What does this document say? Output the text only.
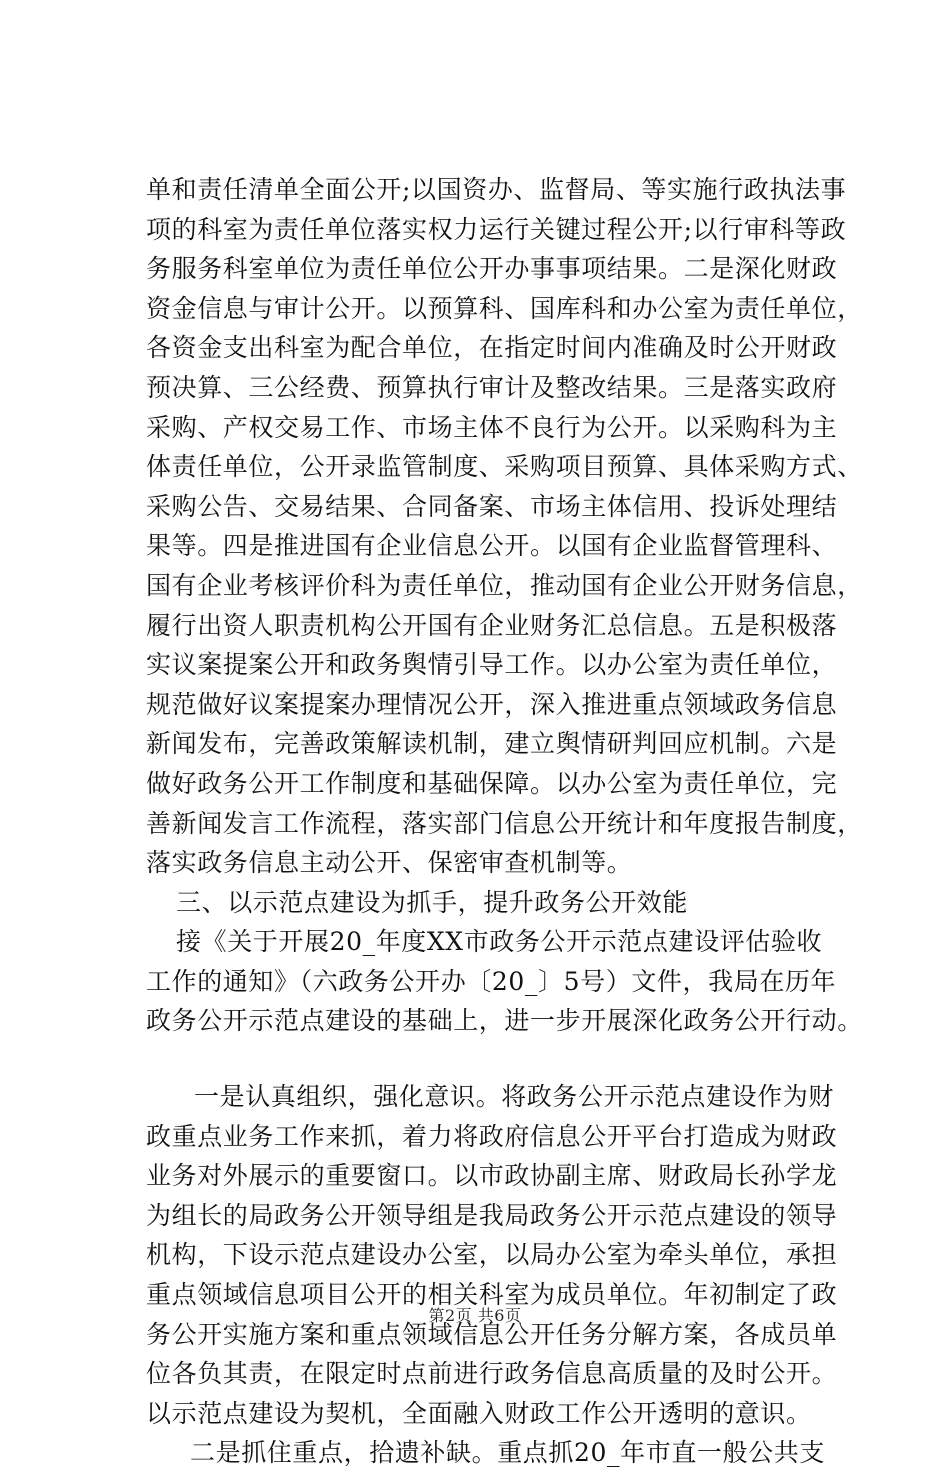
单和责任清单全面公开;以国资办、监督局、等实施行政执法事
项的科室为责任单位落实权力运行关键过程公开;以行审科等政
务服务科室单位为责任单位公开办事事项结果。二是深化财政
资金信息与审计公开。以预算科、国库科和办公室为责任单位，
各资金支出科室为配合单位，在指定时间内准确及时公开财政
预决算、三公经费、预算执行审计及整改结果。三是落实政府
采购、产权交易工作、市场主体不良行为公开。以采购科为主
体责任单位，公开录监管制度、采购项目预算、具体采购方式、
采购公告、交易结果、合同备案、市场主体信用、投诉处理结
果等。四是推进国有企业信息公开。以国有企业监督管理科、
国有企业考核评价科为责任单位，推动国有企业公开财务信息，
履行出资人职责机构公开国有企业财务汇总信息。五是积极落
实议案提案公开和政务舆情引导工作。以办公室为责任单位，
规范做好议案提案办理情况公开，深入推进重点领域政务信息
新闻发布，完善政策解读机制，建立舆情研判回应机制。六是
做好政务公开工作制度和基础保障。以办公室为责任单位，完
善新闻发言工作流程，落实部门信息公开统计和年度报告制度，
落实政务信息主动公开、保密审查机制等。
三、以示范点建设为抓手，提升政务公开效能
接《关于开展20_年度XX市政务公开示范点建设评估验收
工作的通知》（六政务公开办〔20_〕5号）文件，我局在历年
政务公开示范点建设的基础上，进一步开展深化政务公开行动。
一是认真组织，强化意识。将政务公开示范点建设作为财
政重点业务工作来抓，着力将政府信息公开平台打造成为财政
业务对外展示的重要窗口。以市政协副主席、财政局长孙学龙
为组长的局政务公开领导组是我局政务公开示范点建设的领导
机构，下设示范点建设办公室，以局办公室为牵头单位，承担
重点领域信息项目公开的相关科室为成员单位。年初制定了政
务公开实施方案和重点领域信息公开任务分解方案，各成员单
位各负其责，在限定时点前进行政务信息高质量的及时公开。
以示范点建设为契机，全面融入财政工作公开透明的意识。
二是抓住重点，拾遗补缺。重点抓20_年市直一般公共支
第2页 共6页
